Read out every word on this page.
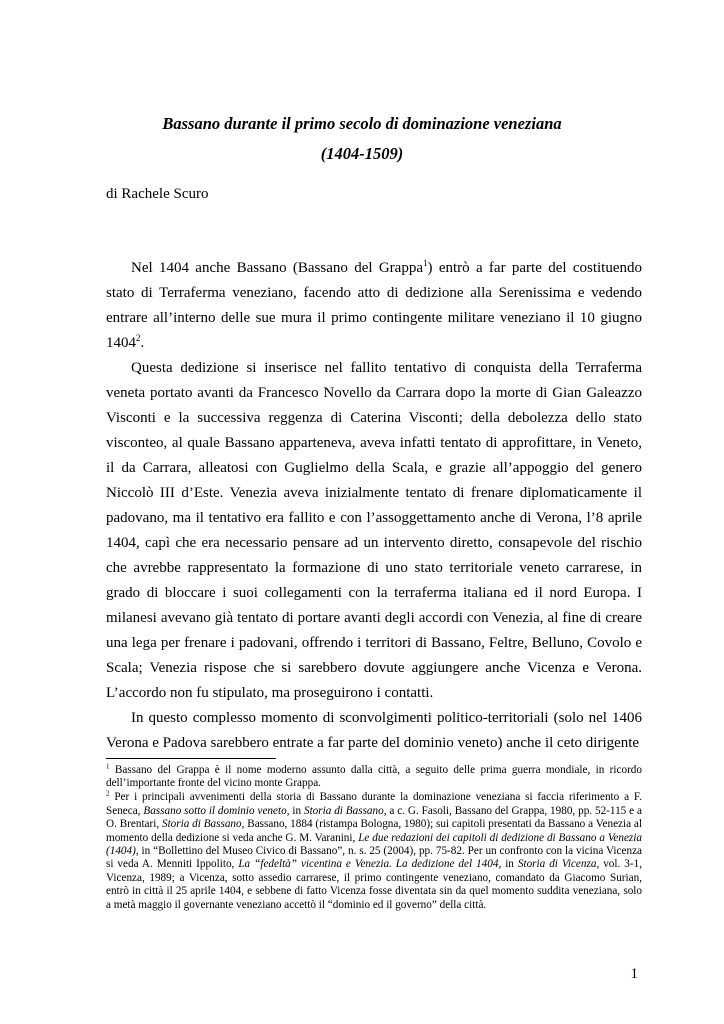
Bassano durante il primo secolo di dominazione veneziana
(1404-1509)
di Rachele Scuro

Nel 1404 anche Bassano (Bassano del Grappa$^1$) entrò a far parte del costituendo stato di Terraferma veneziano, facendo atto di dedizione alla Serenissima e vedendo entrare all’interno delle sue mura il primo contingente militare veneziano il 10 giugno 1404$^2$.

Questa dedizione si inserisce nel fallito tentativo di conquista della Terraferma veneta portato avanti da Francesco Novello da Carrara dopo la morte di Gian Galeazzo Visconti e la successiva reggenza di Caterina Visconti; della debolezza dello stato visconteo, al quale Bassano apparteneva, aveva infatti tentato di approfittare, in Veneto, il da Carrara, alleatosi con Guglielmo della Scala, e grazie all’appoggio del genero Niccolò III d’Este. Venezia aveva inizialmente tentato di frenare diplomaticamente il padovano, ma il tentativo era fallito e con l’assoggettamento anche di Verona, l’8 aprile 1404, capì che era necessario pensare ad un intervento diretto, consapevole del rischio che avrebbe rappresentato la formazione di uno stato territoriale veneto carrarese, in grado di bloccare i suoi collegamenti con la terraferma italiana ed il nord Europa. I milanesi avevano già tentato di portare avanti degli accordi con Venezia, al fine di creare una lega per frenare i padovani, offrendo i territori di Bassano, Feltre, Belluno, Covolo e Scala; Venezia rispose che si sarebbero dovute aggiungere anche Vicenza e Verona. L’accordo non fu stipulato, ma proseguirono i contatti.

In questo complesso momento di sconvolgimenti politico-territoriali (solo nel 1406 Verona e Padova sarebbero entrate a far parte del dominio veneto) anche il ceto dirigente

$^1$ Bassano del Grappa è il nome moderno assunto dalla città, a seguito delle prima guerra mondiale, in ricordo dell’importante fronte del vicino monte Grappa.

$^2$ Per i principali avvenimenti della storia di Bassano durante la dominazione veneziana si faccia riferimento a F. Seneca, Bassano sotto il dominio veneto, in Storia di Bassano, a c. G. Fasoli, Bassano del Grappa, 1980, pp. 52-115 e a O. Brentari, Storia di Bassano, Bassano, 1884 (ristampa Bologna, 1980); sui capitoli presentati da Bassano a Venezia al momento della dedizione si veda anche G. M. Varanini, Le due redazioni dei capitoli di dedizione di Bassano a Venezia (1404), in “Bollettino del Museo Civico di Bassano”, n. s. 25 (2004), pp. 75-82. Per un confronto con la vicina Vicenza si veda A. Menniti Ippolito, La “fedeltà” vicentina e Venezia. La dedizione del 1404, in Storia di Vicenza, vol. 3-1, Vicenza, 1989; a Vicenza, sotto assedio carrarese, il primo contingente veneziano, comandato da Giacomo Surian, entrò in città il 25 aprile 1404, e sebbene di fatto Vicenza fosse diventata sin da quel momento suddita veneziana, solo a metà maggio il governante veneziano accettò il “dominio ed il governo” della città.

1
